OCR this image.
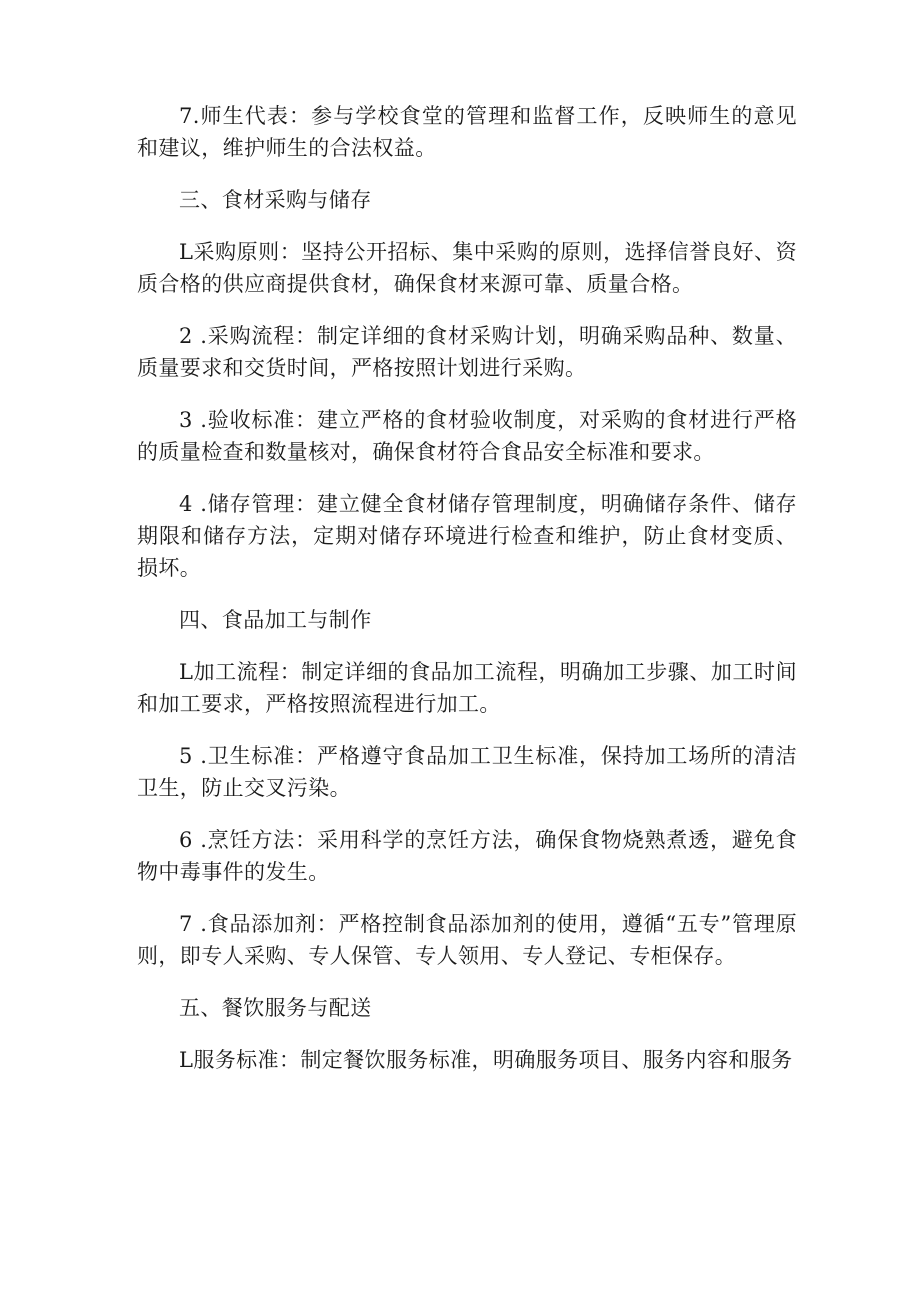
7.师生代表：参与学校食堂的管理和监督工作，反映师生的意见和建议，维护师生的合法权益。

三、食材采购与储存

L采购原则：坚持公开招标、集中采购的原则，选择信誉良好、资质合格的供应商提供食材，确保食材来源可靠、质量合格。

2 .采购流程：制定详细的食材采购计划，明确采购品种、数量、质量要求和交货时间，严格按照计划进行采购。

3 .验收标准：建立严格的食材验收制度，对采购的食材进行严格的质量检查和数量核对，确保食材符合食品安全标准和要求。

4 .储存管理：建立健全食材储存管理制度，明确储存条件、储存期限和储存方法，定期对储存环境进行检查和维护，防止食材变质、损坏。

四、食品加工与制作

L加工流程：制定详细的食品加工流程，明确加工步骤、加工时间和加工要求，严格按照流程进行加工。

5 .卫生标准：严格遵守食品加工卫生标准，保持加工场所的清洁卫生，防止交叉污染。

6 .烹饪方法：采用科学的烹饪方法，确保食物烧熟煮透，避免食物中毒事件的发生。

7 .食品添加剂：严格控制食品添加剂的使用，遵循“五专”管理原则，即专人采购、专人保管、专人领用、专人登记、专柜保存。

五、餐饮服务与配送

L服务标准：制定餐饮服务标准，明确服务项目、服务内容和服务
